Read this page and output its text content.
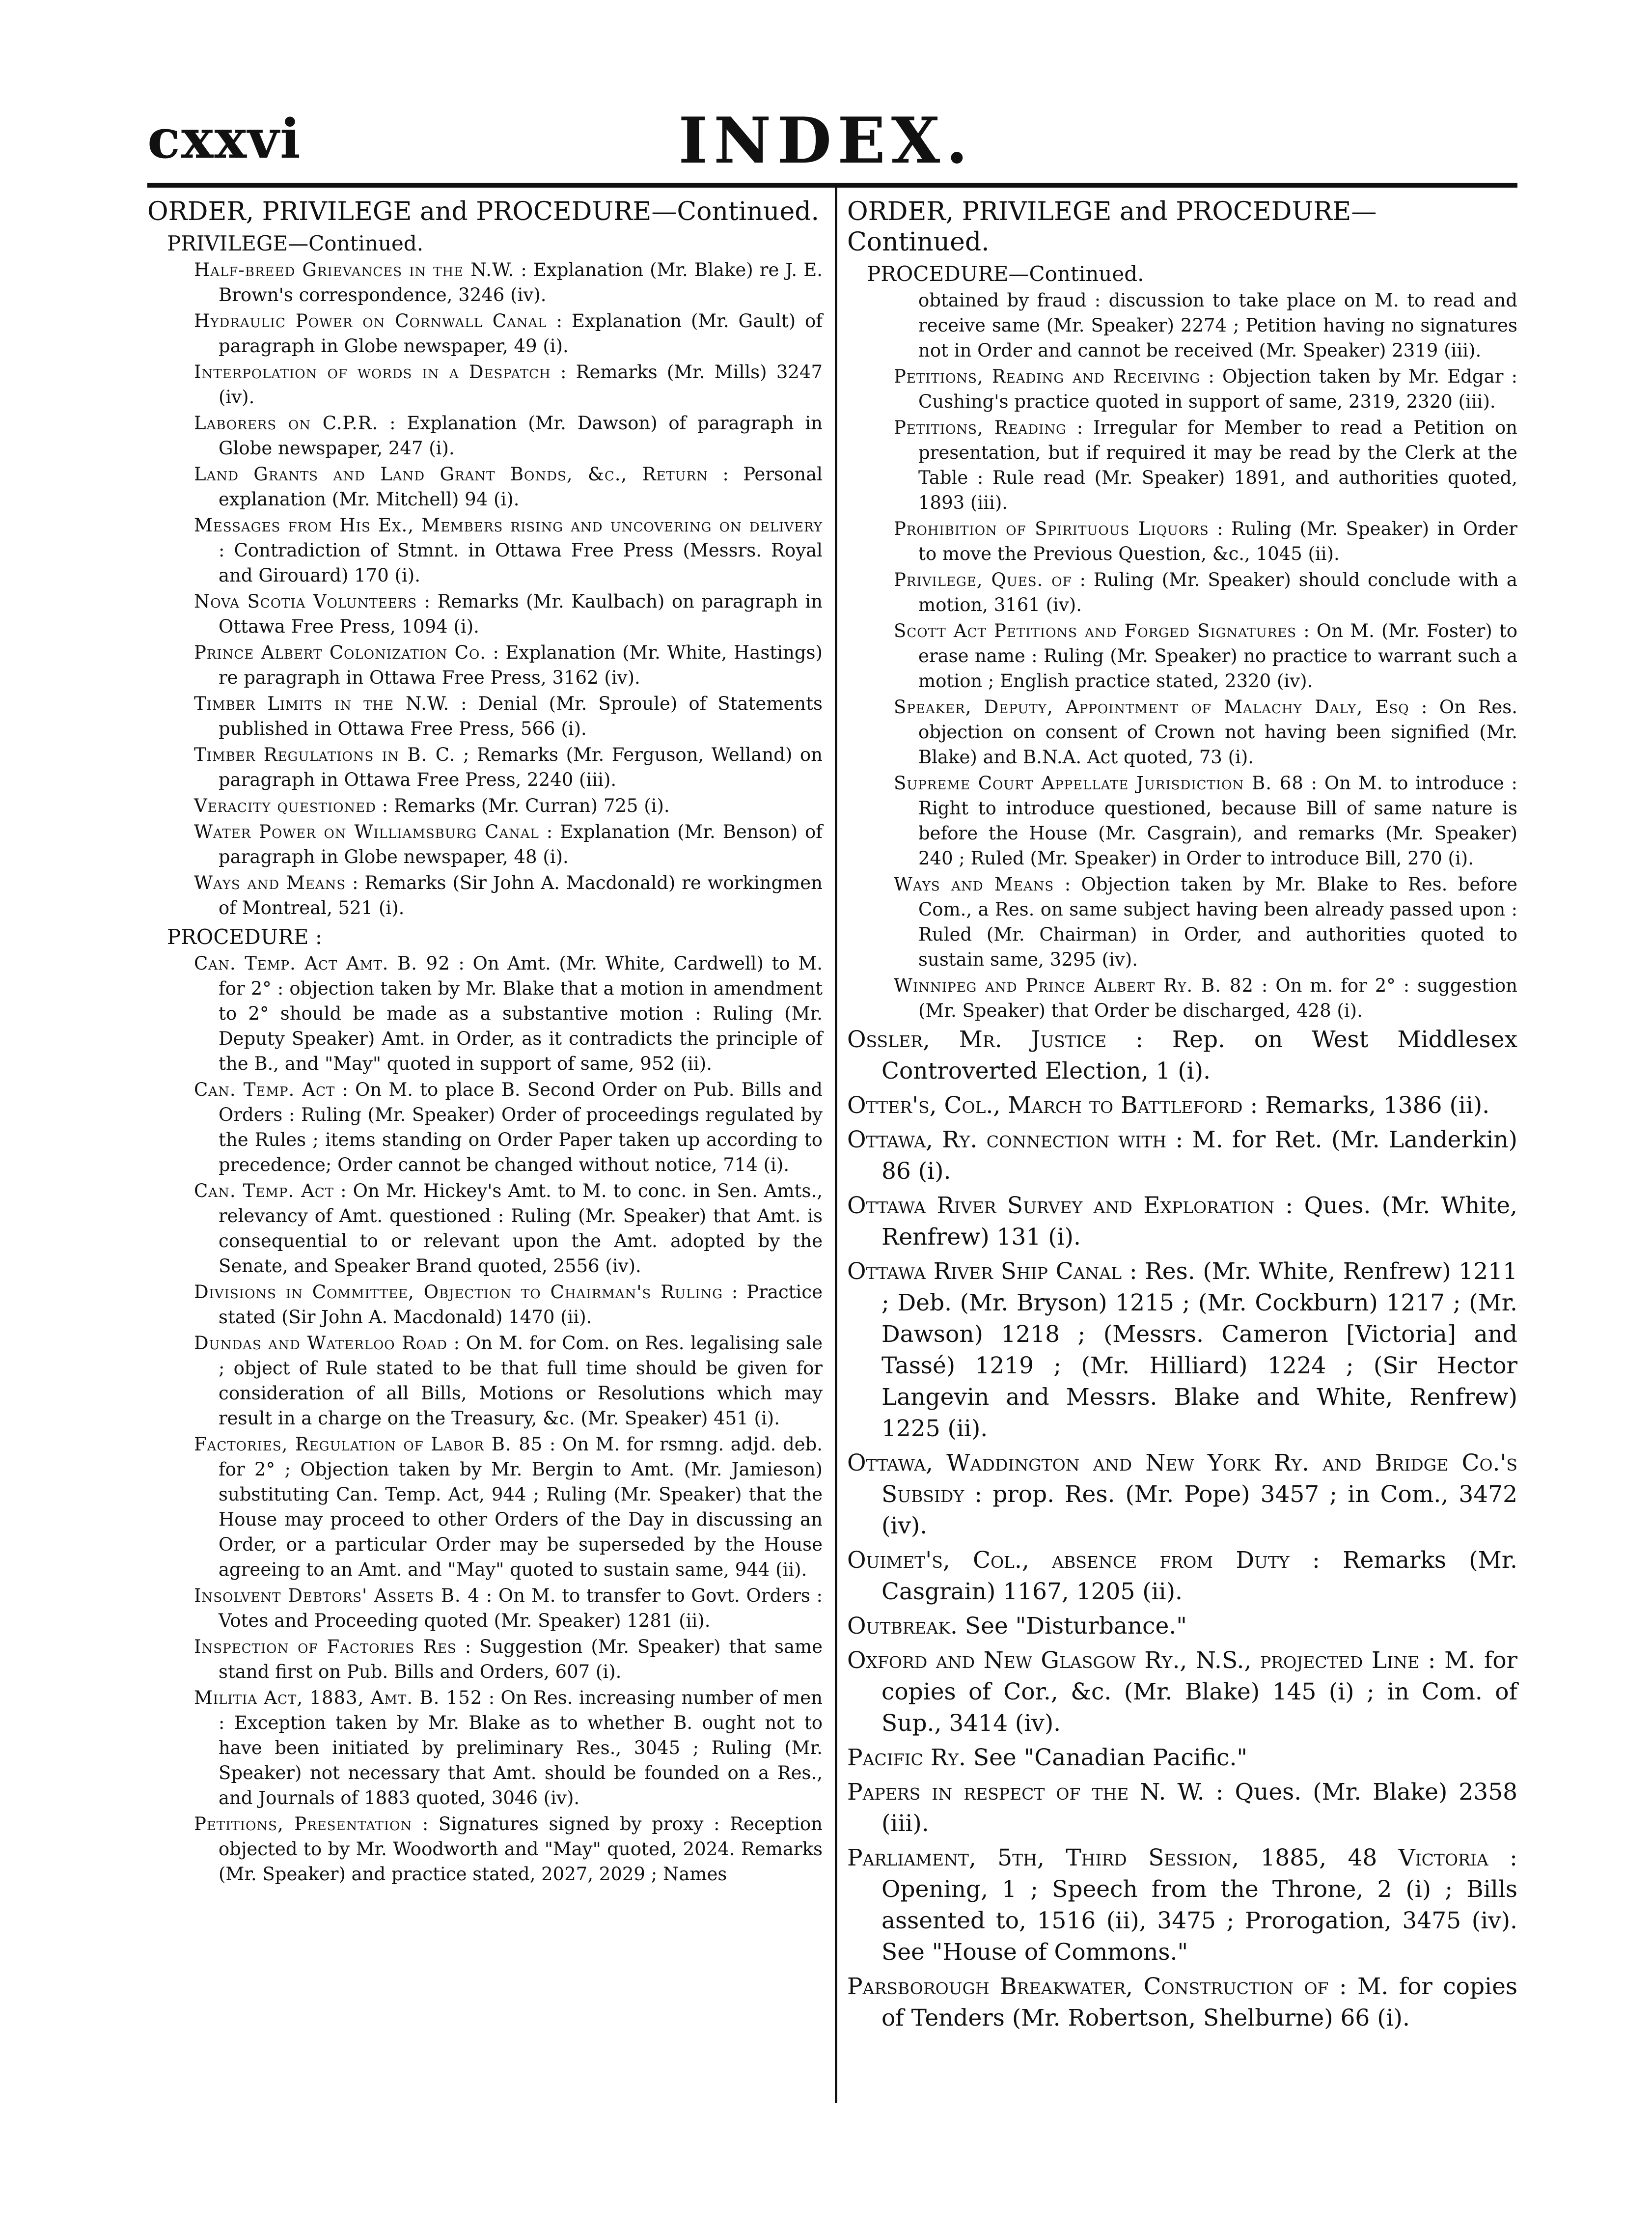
cxxvi	INDEX.
ORDER, PRIVILEGE and PROCEDURE—Continued.
PRIVILEGE—Continued.
Half-breed Grievances in the N.W. : Explanation (Mr. Blake) re J. E. Brown's correspondence, 3246 (iv).
Hydraulic Power on Cornwall Canal : Explanation (Mr. Gault) of paragraph in Globe newspaper, 49 (i).
Interpolation of words in a Despatch : Remarks (Mr. Mills) 3247 (iv).
Laborers on C.P.R. : Explanation (Mr. Dawson) of paragraph in Globe newspaper, 247 (i).
Land Grants and Land Grant Bonds, &c., Return : Personal explanation (Mr. Mitchell) 94 (i).
Messages from His Ex., Members rising and uncovering on delivery : Contradiction of Stmnt. in Ottawa Free Press (Messrs. Royal and Girouard) 170 (i).
Nova Scotia Volunteers : Remarks (Mr. Kaulbach) on paragraph in Ottawa Free Press, 1094 (i).
Prince Albert Colonization Co. : Explanation (Mr. White, Hastings) re paragraph in Ottawa Free Press, 3162 (iv).
Timber Limits in the N.W. : Denial (Mr. Sproule) of Statements published in Ottawa Free Press, 566 (i).
Timber Regulations in B. C. ; Remarks (Mr. Ferguson, Welland) on paragraph in Ottawa Free Press, 2240 (iii).
Veracity questioned : Remarks (Mr. Curran) 725 (i).
Water Power on Williamsburg Canal : Explanation (Mr. Benson) of paragraph in Globe newspaper, 48 (i).
Ways and Means : Remarks (Sir John A. Macdonald) re workingmen of Montreal, 521 (i).
PROCEDURE :
Can. Temp. Act Amt. B. 92 : On Amt. (Mr. White, Cardwell) to M. for 2° : objection taken by Mr. Blake that a motion in amendment to 2° should be made as a substantive motion : Ruling (Mr. Deputy Speaker) Amt. in Order, as it contradicts the principle of the B., and "May" quoted in support of same, 952 (ii).
Can. Temp. Act : On M. to place B. Second Order on Pub. Bills and Orders : Ruling (Mr. Speaker) Order of proceedings regulated by the Rules ; items standing on Order Paper taken up according to precedence; Order cannot be changed without notice, 714 (i).
Can. Temp. Act : On Mr. Hickey's Amt. to M. to conc. in Sen. Amts., relevancy of Amt. questioned : Ruling (Mr. Speaker) that Amt. is consequential to or relevant upon the Amt. adopted by the Senate, and Speaker Brand quoted, 2556 (iv).
Divisions in Committee, Objection to Chairman's Ruling : Practice stated (Sir John A. Macdonald) 1470 (ii).
Dundas and Waterloo Road : On M. for Com. on Res. legalising sale ; object of Rule stated to be that full time should be given for consideration of all Bills, Motions or Resolutions which may result in a charge on the Treasury, &c. (Mr. Speaker) 451 (i).
Factories, Regulation of Labor B. 85 : On M. for rsmng. adjd. deb. for 2° ; Objection taken by Mr. Bergin to Amt. (Mr. Jamieson) substituting Can. Temp. Act, 944 ; Ruling (Mr. Speaker) that the House may proceed to other Orders of the Day in discussing an Order, or a particular Order may be superseded by the House agreeing to an Amt. and "May" quoted to sustain same, 944 (ii).
Insolvent Debtors' Assets B. 4 : On M. to transfer to Govt. Orders : Votes and Proceeding quoted (Mr. Speaker) 1281 (ii).
Inspection of Factories Res : Suggestion (Mr. Speaker) that same stand first on Pub. Bills and Orders, 607 (i).
Militia Act, 1883, Amt. B. 152 : On Res. increasing number of men : Exception taken by Mr. Blake as to whether B. ought not to have been initiated by preliminary Res., 3045 ; Ruling (Mr. Speaker) not necessary that Amt. should be founded on a Res., and Journals of 1883 quoted, 3046 (iv).
Petitions, Presentation : Signatures signed by proxy : Reception objected to by Mr. Woodworth and "May" quoted, 2024. Remarks (Mr. Speaker) and practice stated, 2027, 2029 ; Names
ORDER, PRIVILEGE and PROCEDURE—Continued.
PROCEDURE—Continued.
obtained by fraud : discussion to take place on M. to read and receive same (Mr. Speaker) 2274 ; Petition having no signatures not in Order and cannot be received (Mr. Speaker) 2319 (iii).
Petitions, Reading and Receiving : Objection taken by Mr. Edgar : Cushing's practice quoted in support of same, 2319, 2320 (iii).
Petitions, Reading : Irregular for Member to read a Petition on presentation, but if required it may be read by the Clerk at the Table : Rule read (Mr. Speaker) 1891, and authorities quoted, 1893 (iii).
Prohibition of Spirituous Liquors : Ruling (Mr. Speaker) in Order to move the Previous Question, &c., 1045 (ii).
Privilege, Ques. of : Ruling (Mr. Speaker) should conclude with a motion, 3161 (iv).
Scott Act Petitions and Forged Signatures : On M. (Mr. Foster) to erase name : Ruling (Mr. Speaker) no practice to warrant such a motion ; English practice stated, 2320 (iv).
Speaker, Deputy, Appointment of Malachy Daly, Esq : On Res. objection on consent of Crown not having been signified (Mr. Blake) and B.N.A. Act quoted, 73 (i).
Supreme Court Appellate Jurisdiction B. 68 : On M. to introduce : Right to introduce questioned, because Bill of same nature is before the House (Mr. Casgrain), and remarks (Mr. Speaker) 240 ; Ruled (Mr. Speaker) in Order to introduce Bill, 270 (i).
Ways and Means : Objection taken by Mr. Blake to Res. before Com., a Res. on same subject having been already passed upon : Ruled (Mr. Chairman) in Order, and authorities quoted to sustain same, 3295 (iv).
Winnipeg and Prince Albert Ry. B. 82 : On m. for 2° : suggestion (Mr. Speaker) that Order be discharged, 428 (i).
Ossler, Mr. Justice : Rep. on West Middlesex Controverted Election, 1 (i).
Otter's, Col., March to Battleford : Remarks, 1386 (ii).
Ottawa, Ry. connection with : M. for Ret. (Mr. Landerkin) 86 (i).
Ottawa River Survey and Exploration : Ques. (Mr. White, Renfrew) 131 (i).
Ottawa River Ship Canal : Res. (Mr. White, Renfrew) 1211 ; Deb. (Mr. Bryson) 1215 ; (Mr. Cockburn) 1217 ; (Mr. Dawson) 1218 ; (Messrs. Cameron [Victoria] and Tassé) 1219 ; (Mr. Hilliard) 1224 ; (Sir Hector Langevin and Messrs. Blake and White, Renfrew) 1225 (ii).
Ottawa, Waddington and New York Ry. and Bridge Co.'s Subsidy : prop. Res. (Mr. Pope) 3457 ; in Com., 3472 (iv).
Ouimet's, Col., absence from Duty : Remarks (Mr. Casgrain) 1167, 1205 (ii).
Outbreak. See "Disturbance."
Oxford and New Glasgow Ry., N.S., projected Line : M. for copies of Cor., &c. (Mr. Blake) 145 (i) ; in Com. of Sup., 3414 (iv).
Pacific Ry. See "Canadian Pacific."
Papers in respect of the N. W. : Ques. (Mr. Blake) 2358 (iii).
Parliament, 5th, Third Session, 1885, 48 Victoria : Opening, 1 ; Speech from the Throne, 2 (i) ; Bills assented to, 1516 (ii), 3475 ; Prorogation, 3475 (iv). See "House of Commons."
Parsborough Breakwater, Construction of : M. for copies of Tenders (Mr. Robertson, Shelburne) 66 (i).
